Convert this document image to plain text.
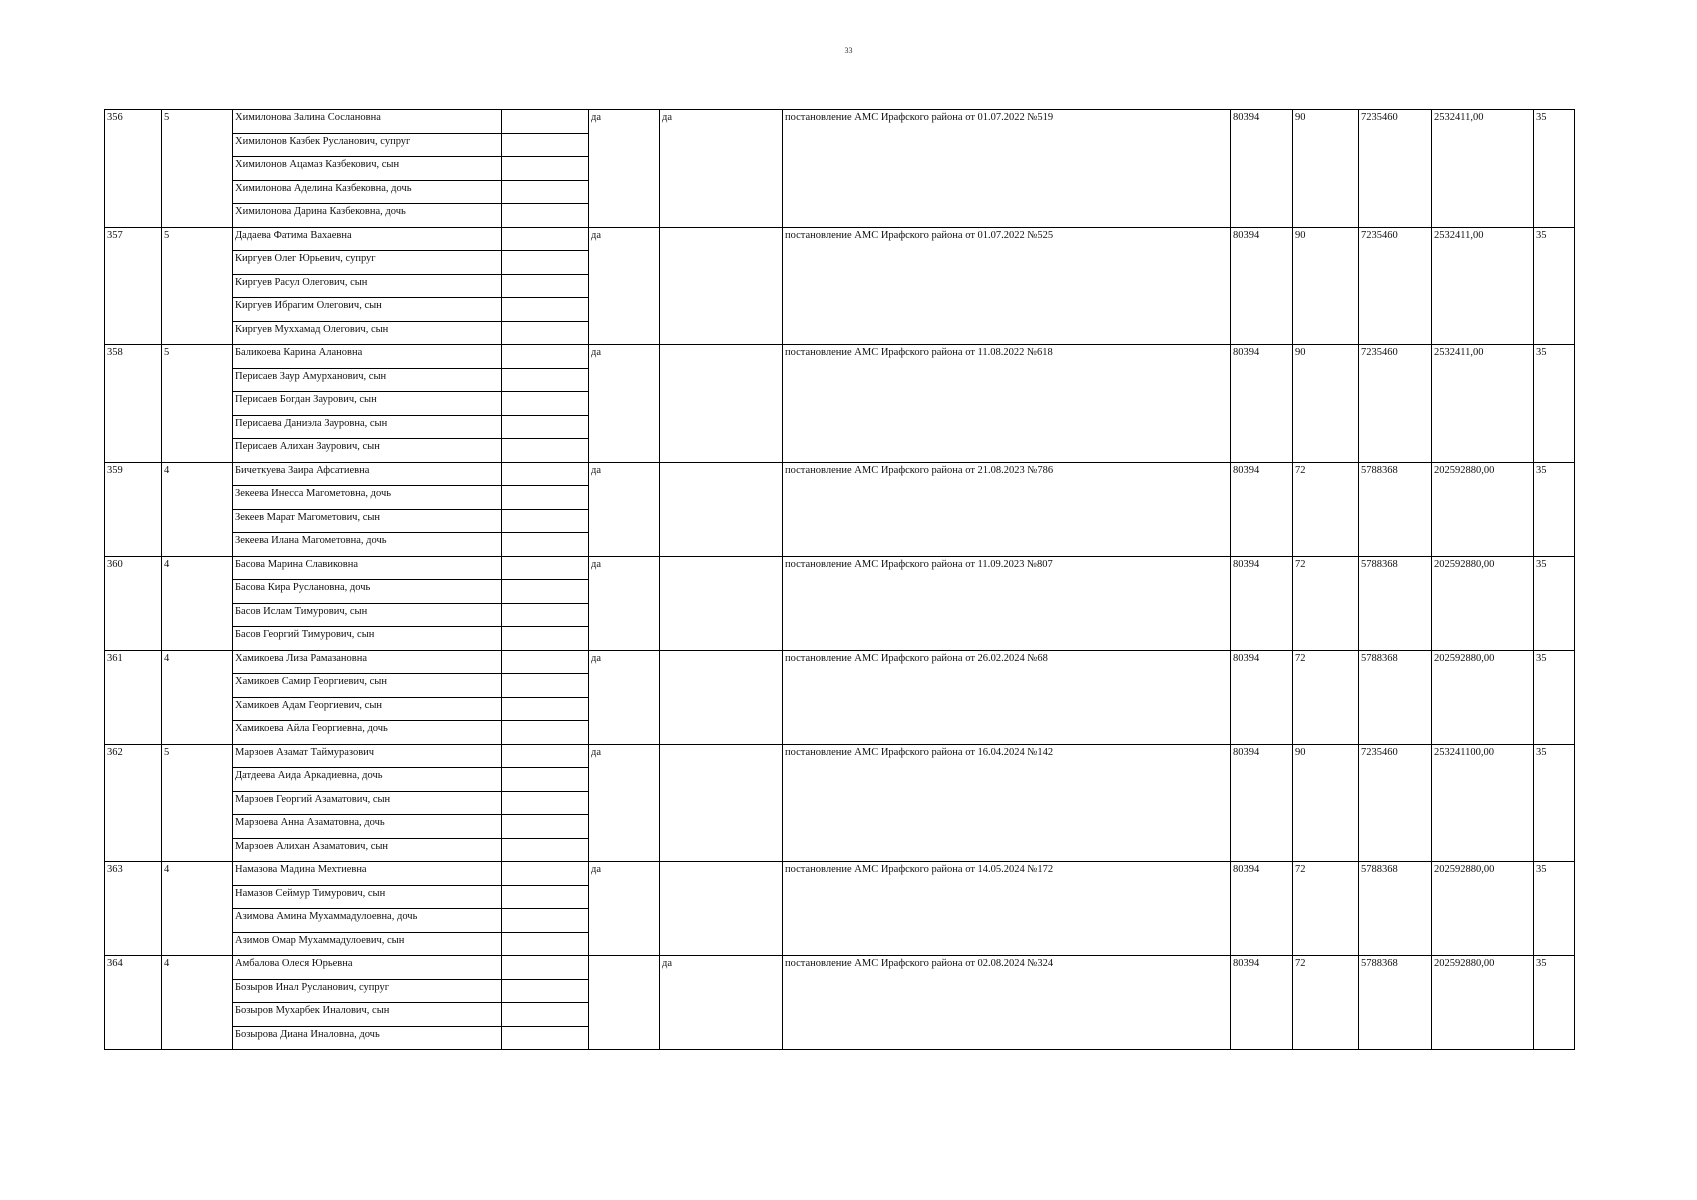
33
356	5	Химилонова Залина Сослановна		да	да	постановление АМС Ирафского района от 01.07.2022 №519	80394	90	7235460	2532411,00	35
		Химилонов Казбек Русланович, супруг									
		Химилонов Ацамаз Казбекович, сын									
		Химилонова Аделина Казбековна, дочь									
		Химилонова Дарина Казбековна, дочь									
357	5	Дадаева Фатима Вахаевна		да		постановление АМС Ирафского района от 01.07.2022 №525	80394	90	7235460	2532411,00	35
		Киргуев Олег Юрьевич, супруг									
		Киргуев Расул Олегович, сын									
		Киргуев Ибрагим Олегович, сын									
		Киргуев Муххамад Олегович, сын									
358	5	Баликоева Карина Алановна		да		постановление АМС Ирафского района от 11.08.2022 №618	80394	90	7235460	2532411,00	35
		Перисаев Заур Амурханович, сын									
		Перисаев Богдан Заурович, сын									
		Перисаева Даниэла Зауровна, сын									
		Перисаев Алихан Заурович, сын									
359	4	Бичеткуева Заира Афсатиевна		да		постановление АМС Ирафского района от 21.08.2023 №786	80394	72	5788368	202592880,00	35
		Зекеева Инесса Магометовна, дочь									
		Зекеев Марат Магометович, сын									
		Зекеева Илана Магометовна, дочь									
360	4	Басова Марина Славиковна		да		постановление АМС Ирафского района от 11.09.2023 №807	80394	72	5788368	202592880,00	35
		Басова Кира Руслановна, дочь									
		Басов Ислам Тимурович, сын									
		Басов Георгий Тимурович, сын									
361	4	Хамикоева Лиза Рамазановна		да		постановление АМС Ирафского района от 26.02.2024 №68	80394	72	5788368	202592880,00	35
		Хамикоев Самир Георгиевич, сын									
		Хамикоев Адам Георгиевич, сын									
		Хамикоева Айла Георгиевна, дочь									
362	5	Марзоев Азамат Таймуразович		да		постановление АМС Ирафского района от 16.04.2024 №142	80394	90	7235460	253241100,00	35
		Датдеева Аида Аркадиевна, дочь									
		Марзоев Георгий Азаматович, сын									
		Марзоева Анна Азаматовна, дочь									
		Марзоев Алихан Азаматович, сын									
363	4	Намазова Мадина Мехтиевна		да		постановление АМС Ирафского района от 14.05.2024 №172	80394	72	5788368	202592880,00	35
		Намазов Сеймур Тимурович, сын									
		Азимова Амина Мухаммадулоевна, дочь									
		Азимов Омар Мухаммадулоевич, сын									
364	4	Амбалова Олеся Юрьевна			да	постановление АМС Ирафского района от 02.08.2024 №324	80394	72	5788368	202592880,00	35
		Бозыров Инал Русланович, супруг									
		Бозыров Мухарбек Иналович, сын									
		Бозырова Диана Иналовна, дочь									
